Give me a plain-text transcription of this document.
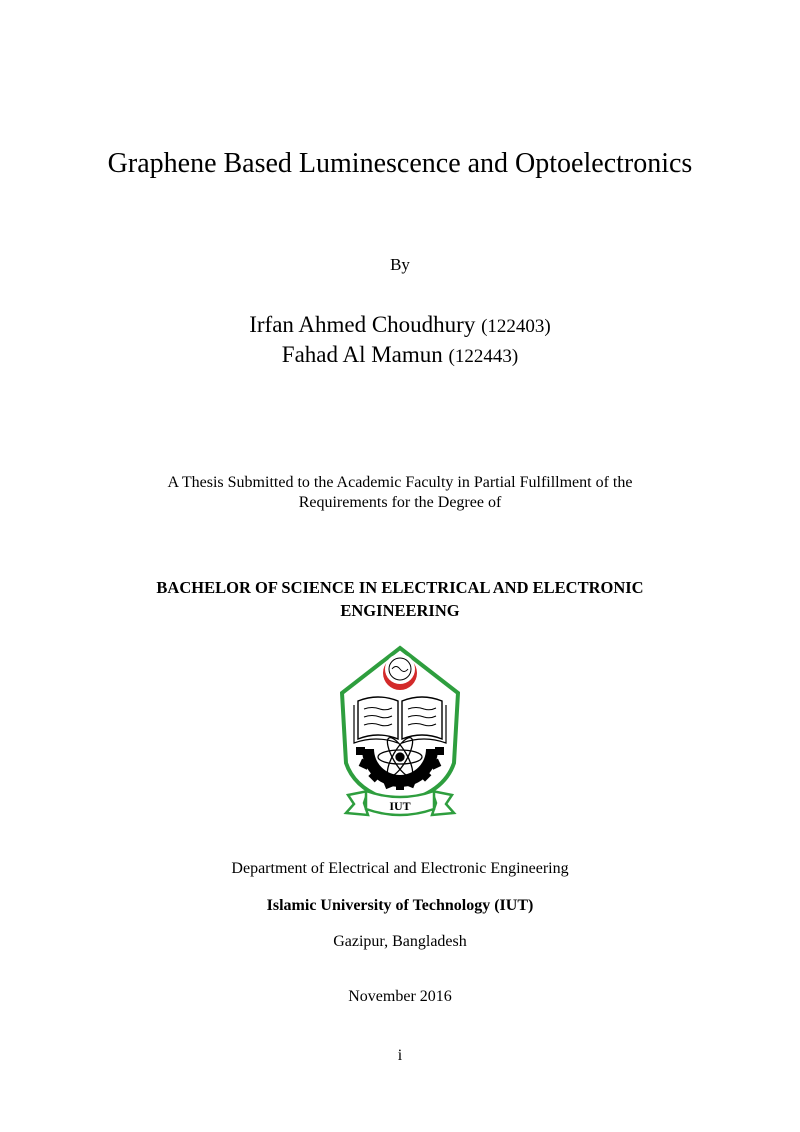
Graphene Based Luminescence and Optoelectronics
By
Irfan Ahmed Choudhury (122403)
Fahad Al Mamun (122443)
A Thesis Submitted to the Academic Faculty in Partial Fulfillment of the
Requirements for the Degree of
BACHELOR OF SCIENCE IN ELECTRICAL AND ELECTRONIC
ENGINEERING
IUT
Department of Electrical and Electronic Engineering
Islamic University of Technology (IUT)
Gazipur, Bangladesh
November 2016
i
